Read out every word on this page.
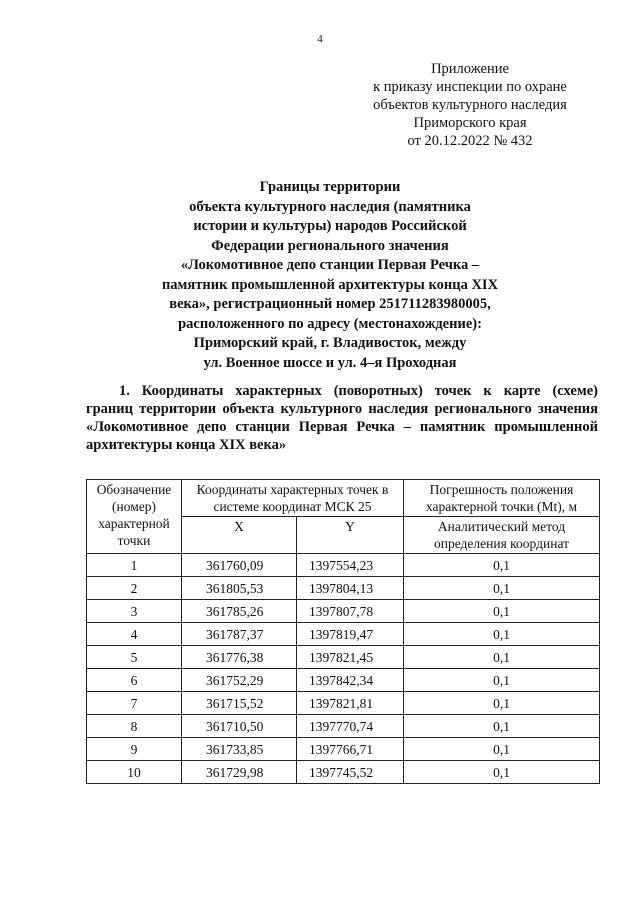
4
Приложение
к приказу инспекции по охране
объектов культурного наследия
Приморского края
от 20.12.2022 № 432
Границы территории
объекта культурного наследия (памятника
истории и культуры) народов Российской
Федерации регионального значения
«Локомотивное депо станции Первая Речка –
памятник промышленной архитектуры конца XIX
века», регистрационный номер 251711283980005,
расположенного по адресу (местонахождение):
Приморский край, г. Владивосток, между
ул. Военное шоссе и ул. 4–я Проходная
1. Координаты характерных (поворотных) точек к карте (схеме)
границ территории объекта культурного наследия регионального значения
«Локомотивное депо станции Первая Речка – памятник промышленной
архитектуры конца XIX века»
Обозначение (номер) характерной точки	Координаты характерных точек в системе координат МСК 25		Погрешность положения характерной точки (Mt), м
	X	Y	Аналитический метод определения координат
1	361760,09	1397554,23	0,1
2	361805,53	1397804,13	0,1
3	361785,26	1397807,78	0,1
4	361787,37	1397819,47	0,1
5	361776,38	1397821,45	0,1
6	361752,29	1397842,34	0,1
7	361715,52	1397821,81	0,1
8	361710,50	1397770,74	0,1
9	361733,85	1397766,71	0,1
10	361729,98	1397745,52	0,1
